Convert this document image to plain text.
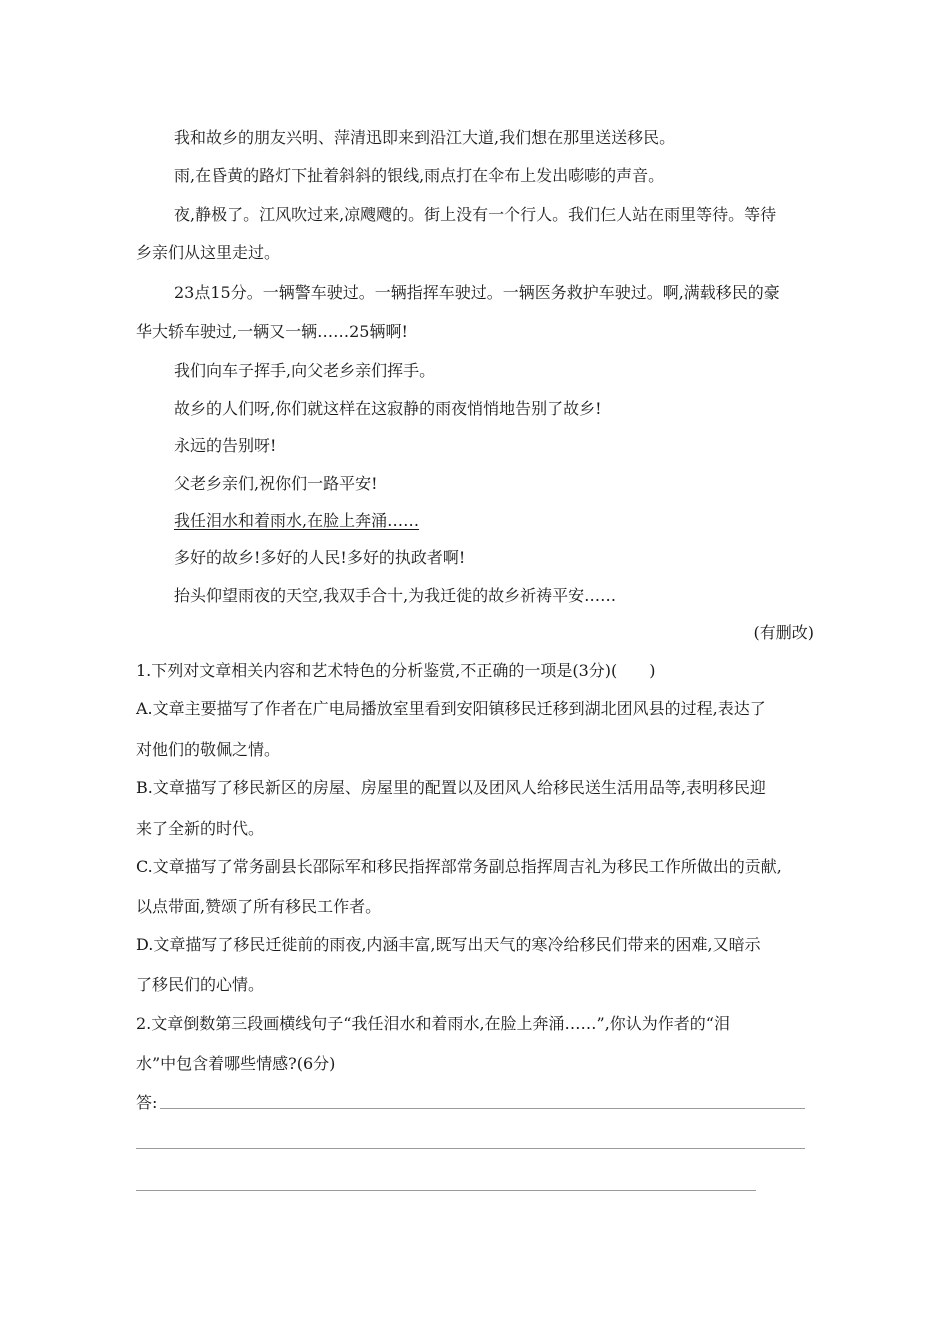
我和故乡的朋友兴明、萍清迅即来到沿江大道,我们想在那里送送移民。
雨,在昏黄的路灯下扯着斜斜的银线,雨点打在伞布上发出嘭嘭的声音。
夜,静极了。江风吹过来,凉飕飕的。街上没有一个行人。我们仨人站在雨里等待。等待
乡亲们从这里走过。
23点15分。一辆警车驶过。一辆指挥车驶过。一辆医务救护车驶过。啊,满载移民的豪
华大轿车驶过,一辆又一辆……25辆啊!
我们向车子挥手,向父老乡亲们挥手。
故乡的人们呀,你们就这样在这寂静的雨夜悄悄地告别了故乡!
永远的告别呀!
父老乡亲们,祝你们一路平安!
我任泪水和着雨水,在脸上奔涌……
多好的故乡!多好的人民!多好的执政者啊!
抬头仰望雨夜的天空,我双手合十,为我迁徙的故乡祈祷平安……
(有删改)
1.下列对文章相关内容和艺术特色的分析鉴赏,不正确的一项是(3分)(　　)
A.文章主要描写了作者在广电局播放室里看到安阳镇移民迁移到湖北团风县的过程,表达了
对他们的敬佩之情。
B.文章描写了移民新区的房屋、房屋里的配置以及团风人给移民送生活用品等,表明移民迎
来了全新的时代。
C.文章描写了常务副县长邵际军和移民指挥部常务副总指挥周吉礼为移民工作所做出的贡献,
以点带面,赞颂了所有移民工作者。
D.文章描写了移民迁徙前的雨夜,内涵丰富,既写出天气的寒冷给移民们带来的困难,又暗示
了移民们的心情。
2.文章倒数第三段画横线句子“我任泪水和着雨水,在脸上奔涌……”,你认为作者的“泪
水”中包含着哪些情感?(6分)
答:
